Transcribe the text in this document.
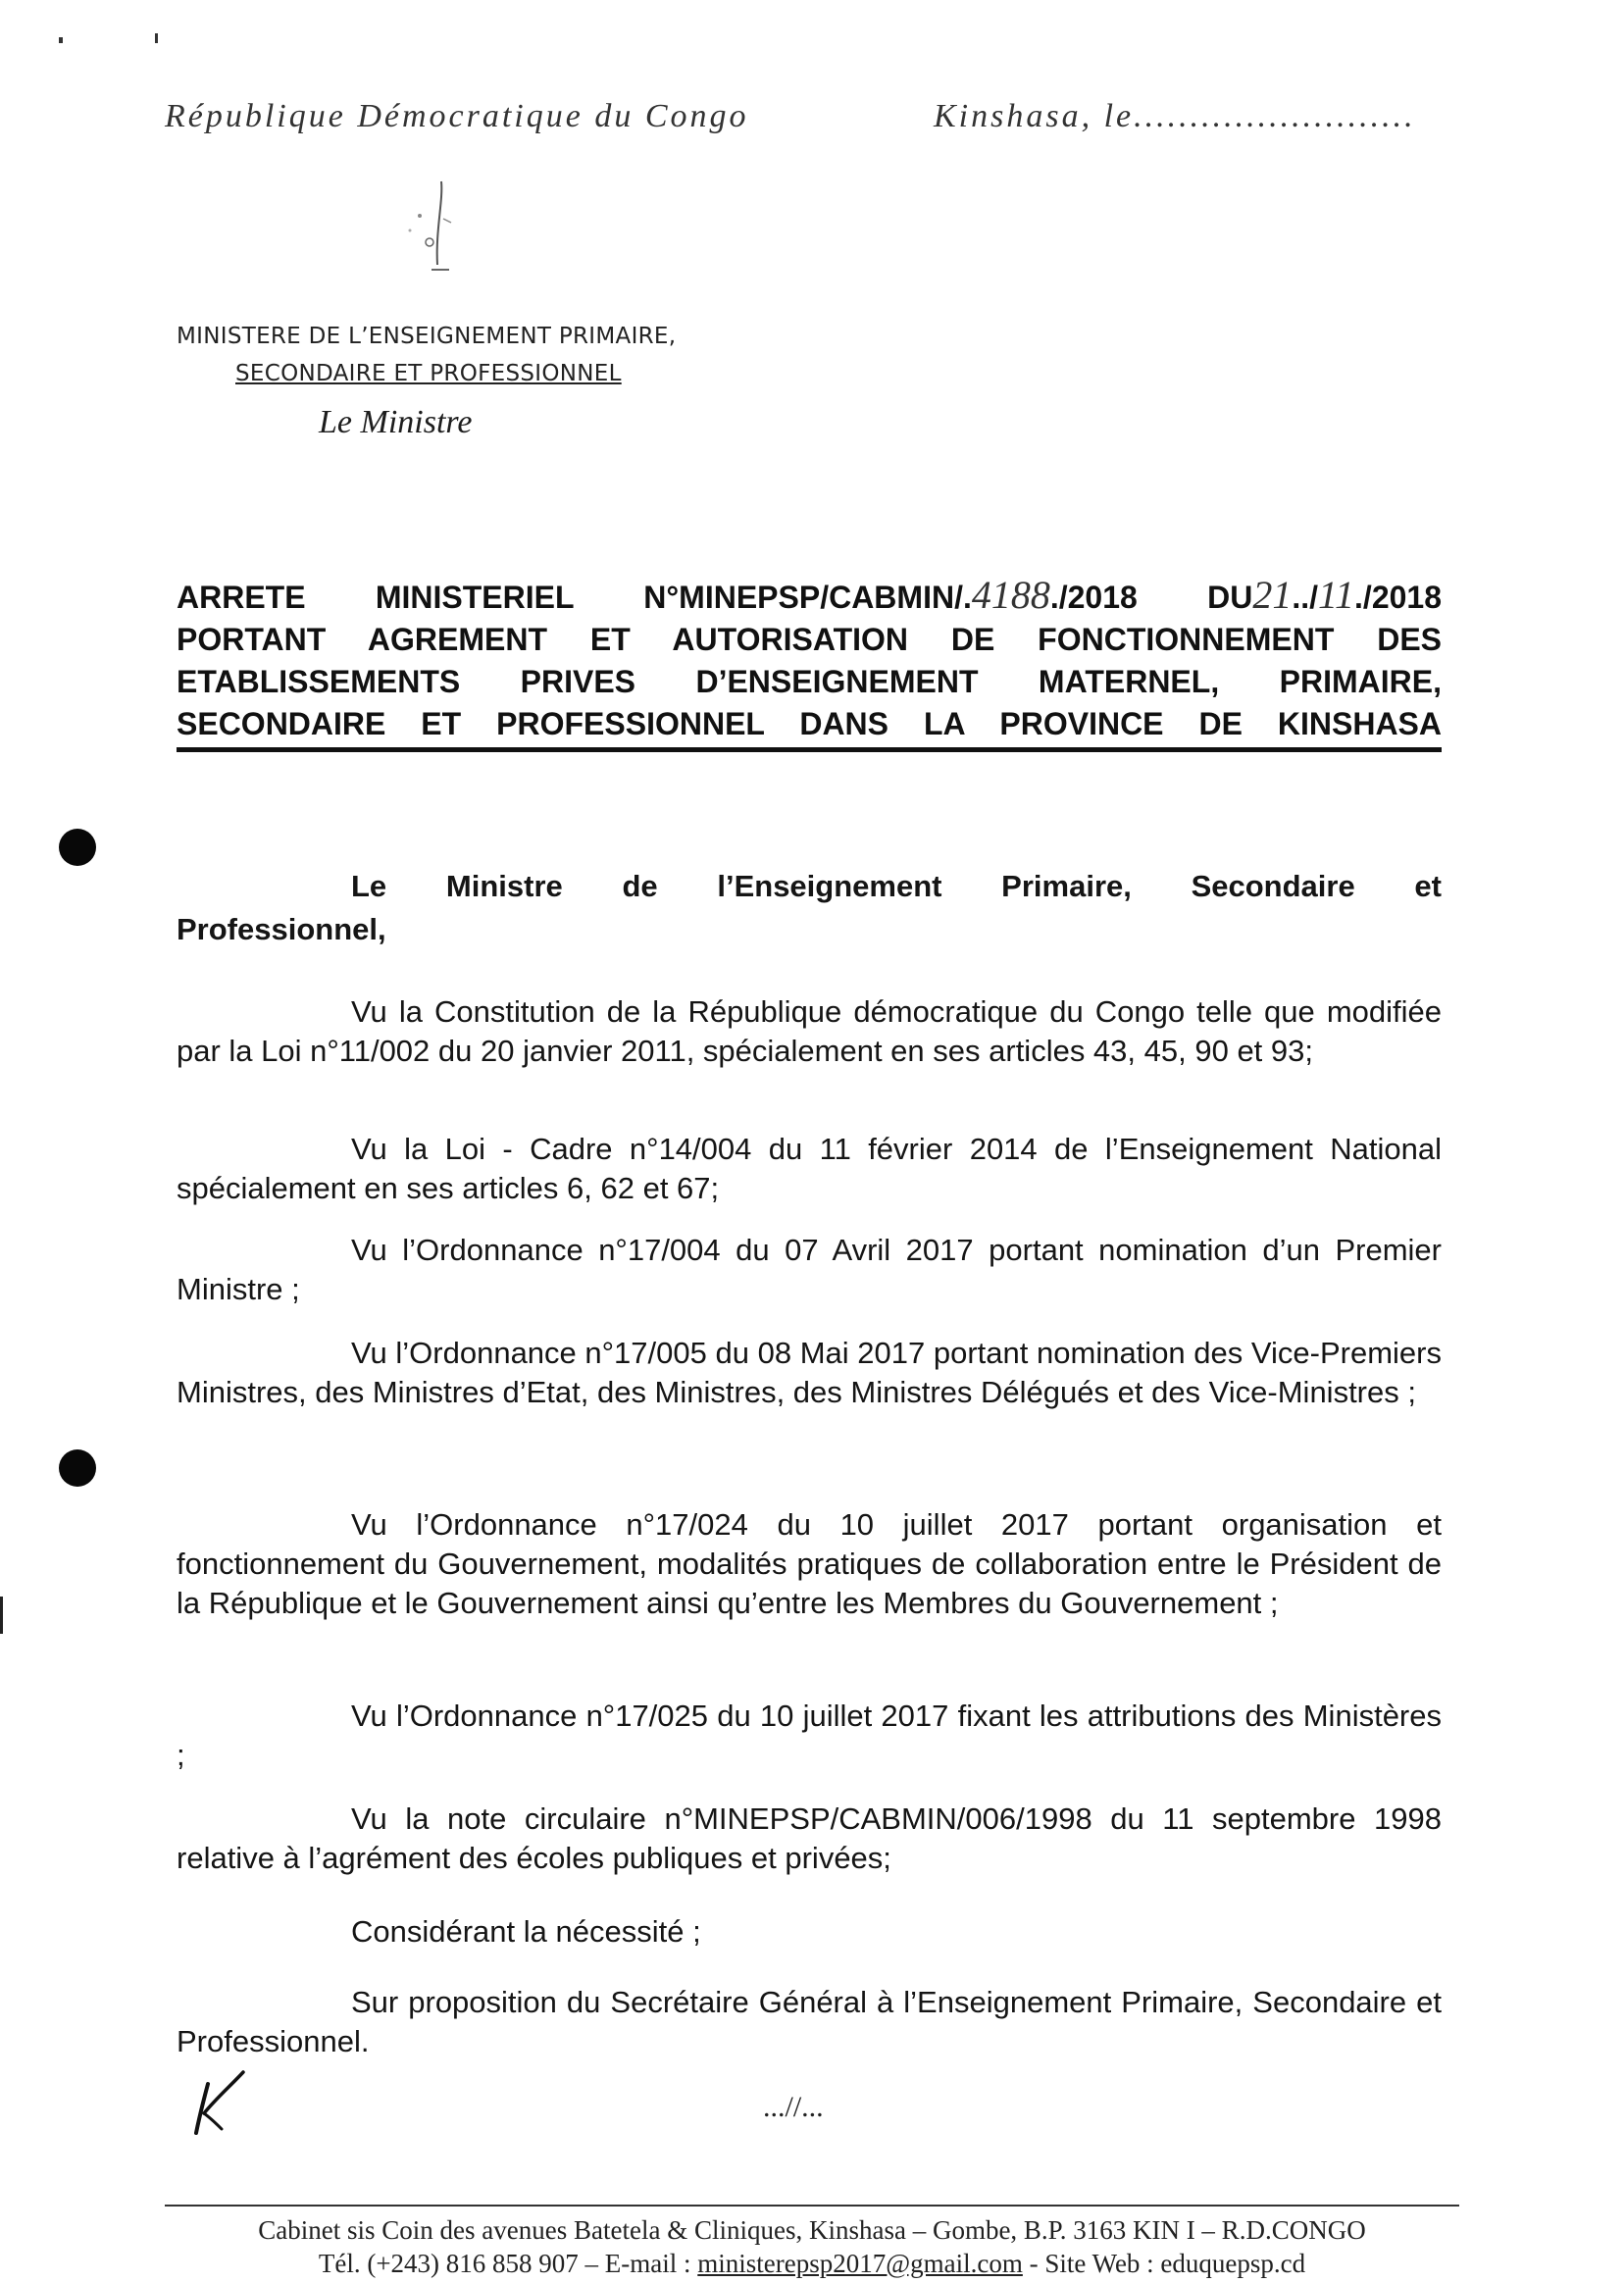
République Démocratique du Congo	Kinshasa, le.........................
MINISTERE DE L’ENSEIGNEMENT PRIMAIRE,
SECONDAIRE ET PROFESSIONNEL
Le Ministre
ARRETE MINISTERIEL N°MINEPSP/CABMIN/.4188./2018 DU21../11./2018
PORTANT AGREMENT ET AUTORISATION DE FONCTIONNEMENT DES
ETABLISSEMENTS PRIVES D’ENSEIGNEMENT MATERNEL, PRIMAIRE,
SECONDAIRE ET PROFESSIONNEL DANS LA PROVINCE DE KINSHASA
Le Ministre de l’Enseignement Primaire, Secondaire et
Professionnel,
Vu la Constitution de la République démocratique du Congo telle que modifiée par la Loi n°11/002 du 20 janvier 2011, spécialement en ses articles 43, 45, 90 et 93;
Vu la Loi - Cadre n°14/004 du 11 février 2014 de l’Enseignement National spécialement en ses articles 6, 62 et 67;
Vu l’Ordonnance n°17/004 du 07 Avril 2017 portant nomination d’un Premier Ministre ;
Vu l’Ordonnance n°17/005 du 08 Mai 2017 portant nomination des Vice-Premiers Ministres, des Ministres d’Etat, des Ministres, des Ministres Délégués et des Vice-Ministres ;
Vu l’Ordonnance n°17/024 du 10 juillet 2017 portant organisation et fonctionnement du Gouvernement, modalités pratiques de collaboration entre le Président de la République et le Gouvernement ainsi qu’entre les Membres du Gouvernement ;
Vu l’Ordonnance n°17/025 du 10 juillet 2017 fixant les attributions des Ministères ;
Vu la note circulaire n°MINEPSP/CABMIN/006/1998 du 11 septembre 1998 relative à l’agrément des écoles publiques et privées;
Considérant la nécessité ;
Sur proposition du Secrétaire Général à l’Enseignement Primaire, Secondaire et Professionnel.
...//...
Cabinet sis Coin des avenues Batetela & Cliniques, Kinshasa – Gombe, B.P. 3163 KIN I – R.D.CONGO
Tél. (+243) 816 858 907 – E-mail : ministerepsp2017@gmail.com - Site Web : eduquepsp.cd
